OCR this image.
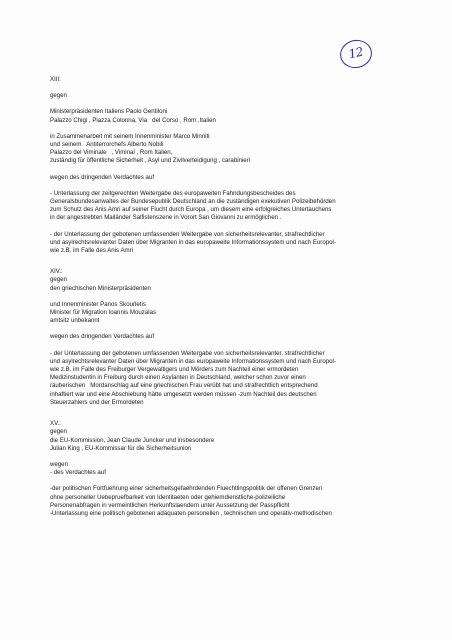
12

XIII:

gegen

Ministerpräsidenten Italiens Paolo Gentiloni

Palazzo Chigi , Piazza Colonna, Via   del Corso , Rom ,Italien

in Zusammenarbeit mit seinem Innenminister Marco Minniti

und seinem   Antiterrorchefs Alberto Nobili

Palazzo del Viminale   , Viminal , Rom Italien,

zuständig für öffentliche Sicherheit , Asyl und Zivilverteidigung , carabinieri

wegen des dringenden Verdachtes auf

- Unterlassung der zeitgerechten Weitergabe des europaweiten Fahndungsbescheides des

Generalsbundesanwaltes der Bundesepublik Deutschland an die zuständigen exekutiven Polizeibehörden

zum Schutz des Anis Amri auf seiner Flucht durch Europa , um diesem eine erfolgreiches Untertauchens

in der angestrebten Mailänder Salfistenszene in Vorort San Giovanni zu ermöglichen .

- der Unterlassung der gebotenen umfassenden Weitergabe von sicherheitsrelevanter, strafrechtlicher

und asylrechtsrelevanter Daten über Migranten in das europaweite Informationssystem und nach Europol-

wie z.B. im Falle des Anis Amri

XIV.:

gegen

den griechischen Ministerpräsidenten

und Innenminister Panos Skourletis

Minister für Migration Ioannis Mouzalas

amtsitz unbekannt

wegen des dringenden Verdachtes auf

- der Unterlassung der gebotenen umfassenden Weitergabe von sicherheitsrelevanter, strafrechtlicher

und asylrechtsrelevanter Daten über Migranten in das europaweite Informationssystem und nach Europol-

wie z.B. im Falle des Freiburger Vergewaltigers und Mörders zum Nachteil einer ermordeten

Medizinstudentin in Freiburg durch einen Asylanten in Deutschland, welcher schon zuvor einen

räuberischen   Mordanschlag auf eine griechischen Frau verübt hat und strafrechtlich entsprechend

inhaftiert war und eine Abschiebung hätte umgesetzt werden müssen -zum Nachteil des deutschen

Steuerzahlers und der Ermordeten

XV.:

gegen

die EU-Kommission, Jean Claude Juncker und insbesondere

Julian King , EU-Kommissar für die Sicherheitsunion

wegen

- des Verdachtes auf

-der politischen Fortfuehrung einer sicherheitsgefaehrdenden Fluechtlingspolitik der offenen Grenzen

ohne personeller Uebepruefbarkeit von Identitaeten oder gehiemdienstliche-polizeiliche

Personenabfragen in vermeintlichen Herkunftslaendern unter Aussetzung der Passpflicht

-Unterlassung eine politisch gebotenen adäquaten personellen , technischen und operativ-methodischen
